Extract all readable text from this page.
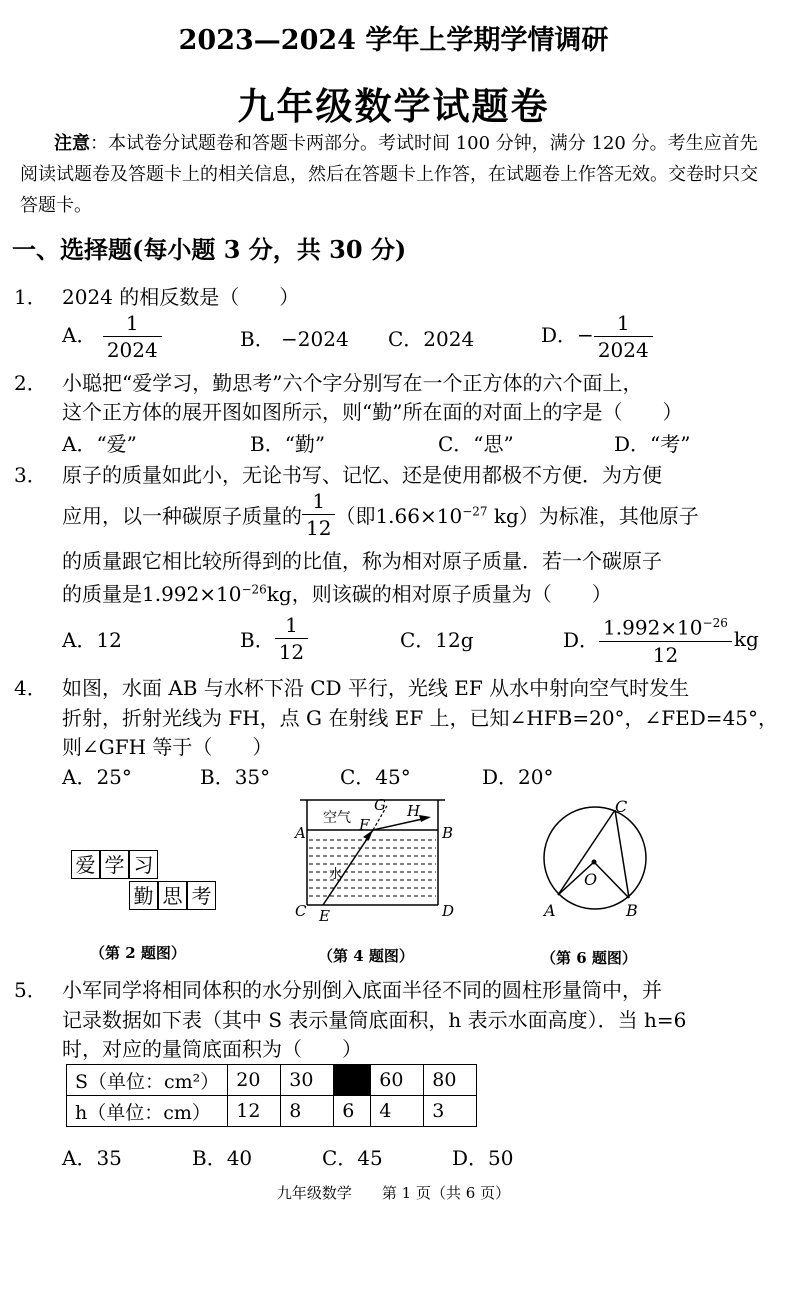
2023—2024 学年上学期学情调研
九年级数学试题卷
注意：本试卷分试题卷和答题卡两部分。考试时间 100 分钟，满分 120 分。考生应首先阅读试题卷及答题卡上的相关信息，然后在答题卡上作答，在试题卷上作答无效。交卷时只交答题卡。
一、选择题(每小题 3 分，共 30 分)
1． 2024 的相反数是（　　）
A． $\frac{1}{2024}$	B． −2024 C．2024	D．− $\frac{1}{2024}$
2． 小聪把“爱学习，勤思考”六个字分别写在一个正方体的六个面上，
这个正方体的展开图如图所示，则“勤”所在面的对面上的字是（　　）
A．“爱”	B．“勤”	C．“思”	D．“考”
3． 原子的质量如此小，无论书写、记忆、还是使用都极不方便．为方便
应用，以一种碳原子质量的 $\frac{1}{12}$ （即$1.66\times 10^{-27}$ kg）为标准，其他原子
的质量跟它相比较所得到的比值，称为相对原子质量．若一个碳原子
的质量是$1.992\times 10^{-26}kg$，则该碳的相对原子质量为（　　）
A．12	B． $\frac{1}{12}$	C．12g	D． $\frac{1.992\times 10^{-26}}{12}$ kg
4． 如图，水面 AB 与水杯下沿 CD 平行，光线 EF 从水中射向空气时发生
折射，折射光线为 FH，点 G 在射线 EF 上，已知∠HFB=20°，∠FED=45°，
则∠GFH 等于（　　）
A．25°	B．35°	C．45°	D．20°
爱 学 习
勤 思 考
（第 2 题图）
A	B
C	D
E
F
G H
空气
水
（第 4 题图）
C
O
A	B
（第 6 题图）
5． 小军同学将相同体积的水分别倒入底面半径不同的圆柱形量筒中，并
记录数据如下表（其中 S 表示量筒底面积，h 表示水面高度）．当 h=6
时，对应的量筒底面积为（　　）
S（单位：cm²）	20	30		60	80
h（单位：cm）	12	8	6	4	3
A．35	B．40	C．45	D．50
九年级数学　　第 1 页（共 6 页）
